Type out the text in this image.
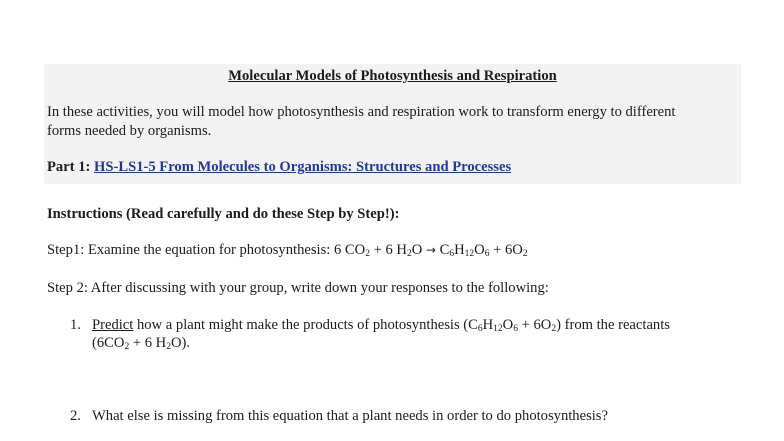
Molecular Models of Photosynthesis and Respiration
In these activities, you will model how photosynthesis and respiration work to transform energy to different
forms needed by organisms.
Part 1: HS-LS1-5 From Molecules to Organisms: Structures and Processes
Instructions (Read carefully and do these Step by Step!):
Step1: Examine the equation for photosynthesis: 6 $CO_2 + 6$ $H_2O \to C_6H_{12}O_6 + 6O_2$
Step 2: After discussing with your group, write down your responses to the following:
1. Predict how a plant might make the products of photosynthesis $(C_6H_{12}O_6 + 6O_2)$ from the reactants
($6CO_2 + 6$ $H_2O$).
2. What else is missing from this equation that a plant needs in order to do photosynthesis?
